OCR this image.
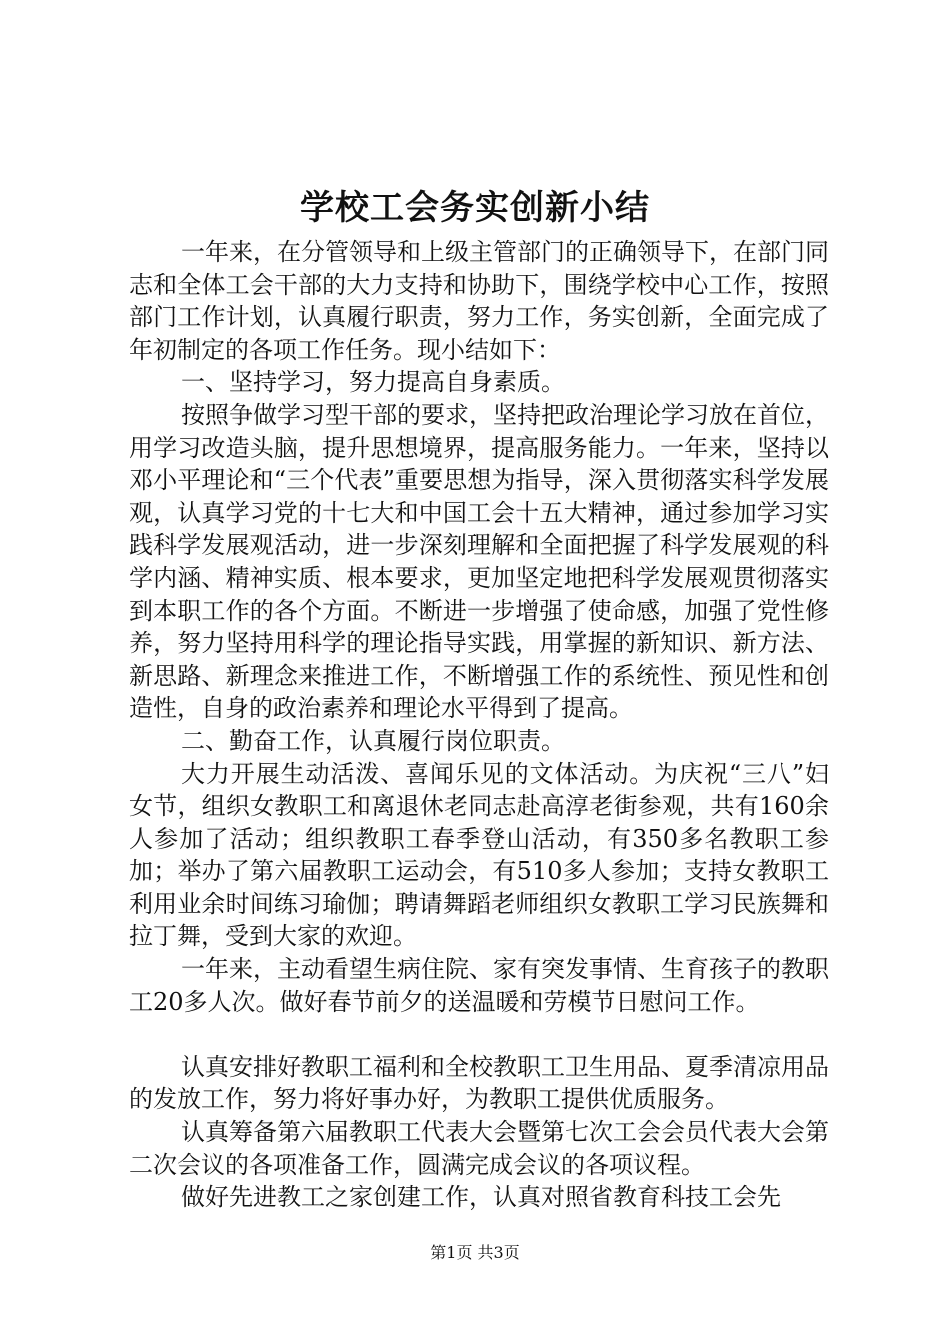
学校工会务实创新小结

一年来，在分管领导和上级主管部门的正确领导下，在部门同志和全体工会干部的大力支持和协助下，围绕学校中心工作，按照部门工作计划，认真履行职责，努力工作，务实创新，全面完成了年初制定的各项工作任务。现小结如下：

一、坚持学习，努力提高自身素质。

按照争做学习型干部的要求，坚持把政治理论学习放在首位，用学习改造头脑，提升思想境界，提高服务能力。一年来，坚持以邓小平理论和“三个代表”重要思想为指导，深入贯彻落实科学发展观，认真学习党的十七大和中国工会十五大精神，通过参加学习实践科学发展观活动，进一步深刻理解和全面把握了科学发展观的科学内涵、精神实质、根本要求，更加坚定地把科学发展观贯彻落实到本职工作的各个方面。不断进一步增强了使命感，加强了党性修养，努力坚持用科学的理论指导实践，用掌握的新知识、新方法、新思路、新理念来推进工作，不断增强工作的系统性、预见性和创造性，自身的政治素养和理论水平得到了提高。

二、勤奋工作，认真履行岗位职责。

大力开展生动活泼、喜闻乐见的文体活动。为庆祝“三八”妇女节，组织女教职工和离退休老同志赴高淳老街参观，共有160余人参加了活动；组织教职工春季登山活动，有350多名教职工参加；举办了第六届教职工运动会，有510多人参加；支持女教职工利用业余时间练习瑜伽；聘请舞蹈老师组织女教职工学习民族舞和拉丁舞，受到大家的欢迎。

一年来，主动看望生病住院、家有突发事情、生育孩子的教职工20多人次。做好春节前夕的送温暖和劳模节日慰问工作。

认真安排好教职工福利和全校教职工卫生用品、夏季清凉用品的发放工作，努力将好事办好，为教职工提供优质服务。

认真筹备第六届教职工代表大会暨第七次工会会员代表大会第二次会议的各项准备工作，圆满完成会议的各项议程。

做好先进教工之家创建工作，认真对照省教育科技工会先

第1页 共3页
